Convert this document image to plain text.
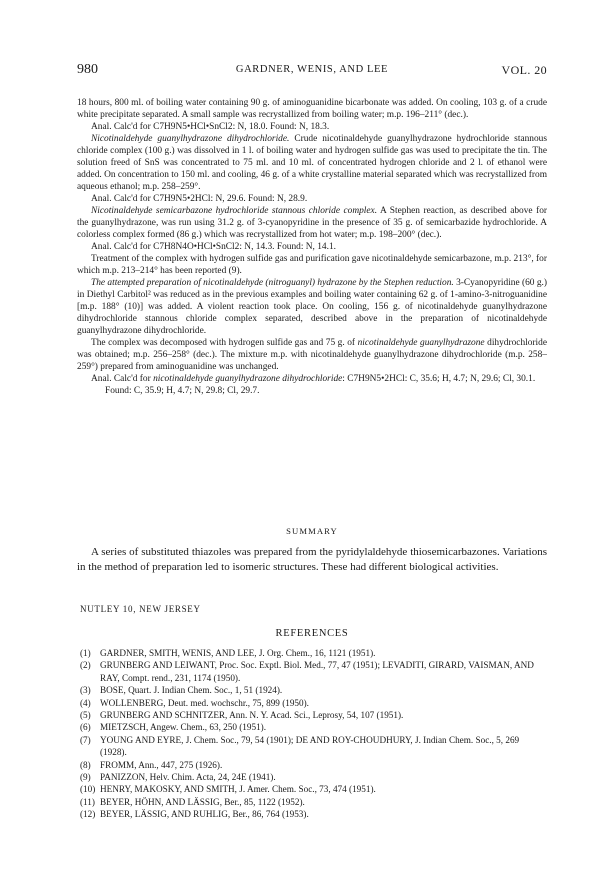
980	GARDNER, WENIS, AND LEE	VOL. 20

18 hours, 800 ml. of boiling water containing 90 g. of aminoguanidine bicarbonate was added. On cooling, 103 g. of a crude white precipitate separated. A small sample was recrystallized from boiling water; m.p. 196–211° (dec.).

Anal. Calc'd for C7H9N5•HCl•SnCl2: N, 18.0. Found: N, 18.3.

Nicotinaldehyde guanylhydrazone dihydrochloride. Crude nicotinaldehyde guanylhydrazone hydrochloride stannous chloride complex (100 g.) was dissolved in 1 l. of boiling water and hydrogen sulfide gas was used to precipitate the tin. The solution freed of SnS was concentrated to 75 ml. and 10 ml. of concentrated hydrogen chloride and 2 l. of ethanol were added. On concentration to 150 ml. and cooling, 46 g. of a white crystalline material separated which was recrystallized from aqueous ethanol; m.p. 258–259°.

Anal. Calc'd for C7H9N5•2HCl: N, 29.6. Found: N, 28.9.

Nicotinaldehyde semicarbazone hydrochloride stannous chloride complex. A Stephen reaction, as described above for the guanylhydrazone, was run using 31.2 g. of 3-cyanopyridine in the presence of 35 g. of semicarbazide hydrochloride. A colorless complex formed (86 g.) which was recrystallized from hot water; m.p. 198–200° (dec.).

Anal. Calc'd for C7H8N4O•HCl•SnCl2: N, 14.3. Found: N, 14.1.

Treatment of the complex with hydrogen sulfide gas and purification gave nicotinaldehyde semicarbazone, m.p. 213°, for which m.p. 213–214° has been reported (9).

The attempted preparation of nicotinaldehyde (nitroguanyl) hydrazone by the Stephen reduction. 3-Cyanopyridine (60 g.) in Diethyl Carbitol² was reduced as in the previous examples and boiling water containing 62 g. of 1-amino-3-nitroguanidine [m.p. 188° (10)] was added. A violent reaction took place. On cooling, 156 g. of nicotinaldehyde guanylhydrazone dihydrochloride stannous chloride complex separated, described above in the preparation of nicotinaldehyde guanylhydrazone dihydrochloride.

The complex was decomposed with hydrogen sulfide gas and 75 g. of nicotinaldehyde guanylhydrazone dihydrochloride was obtained; m.p. 256–258° (dec.). The mixture m.p. with nicotinaldehyde guanylhydrazone dihydrochloride (m.p. 258–259°) prepared from aminoguanidine was unchanged.

Anal. Calc'd for nicotinaldehyde guanylhydrazone dihydrochloride: C7H9N5•2HCl: C, 35.6; H, 4.7; N, 29.6; Cl, 30.1.

Found: C, 35.9; H, 4.7; N, 29.8; Cl, 29.7.

SUMMARY

A series of substituted thiazoles was prepared from the pyridylaldehyde thiosemicarbazones. Variations in the method of preparation led to isomeric structures. These had different biological activities.

NUTLEY 10, NEW JERSEY
REFERENCES
(1) GARDNER, SMITH, WENIS, AND LEE, J. Org. Chem., 16, 1121 (1951).
(2) GRUNBERG AND LEIWANT, Proc. Soc. Exptl. Biol. Med., 77, 47 (1951); LEVADITI, GIRARD, VAISMAN, AND RAY, Compt. rend., 231, 1174 (1950).
(3) BOSE, Quart. J. Indian Chem. Soc., 1, 51 (1924).
(4) WOLLENBERG, Deut. med. wochschr., 75, 899 (1950).
(5) GRUNBERG AND SCHNITZER, Ann. N. Y. Acad. Sci., Leprosy, 54, 107 (1951).
(6) MIETZSCH, Angew. Chem., 63, 250 (1951).
(7) YOUNG AND EYRE, J. Chem. Soc., 79, 54 (1901); DE AND ROY-CHOUDHURY, J. Indian Chem. Soc., 5, 269 (1928).
(8) FROMM, Ann., 447, 275 (1926).
(9) PANIZZON, Helv. Chim. Acta, 24, 24E (1941).
(10) HENRY, MAKOSKY, AND SMITH, J. Amer. Chem. Soc., 73, 474 (1951).
(11) BEYER, HÖHN, AND LÄSSIG, Ber., 85, 1122 (1952).
(12) BEYER, LÄSSIG, AND RUHLIG, Ber., 86, 764 (1953).
